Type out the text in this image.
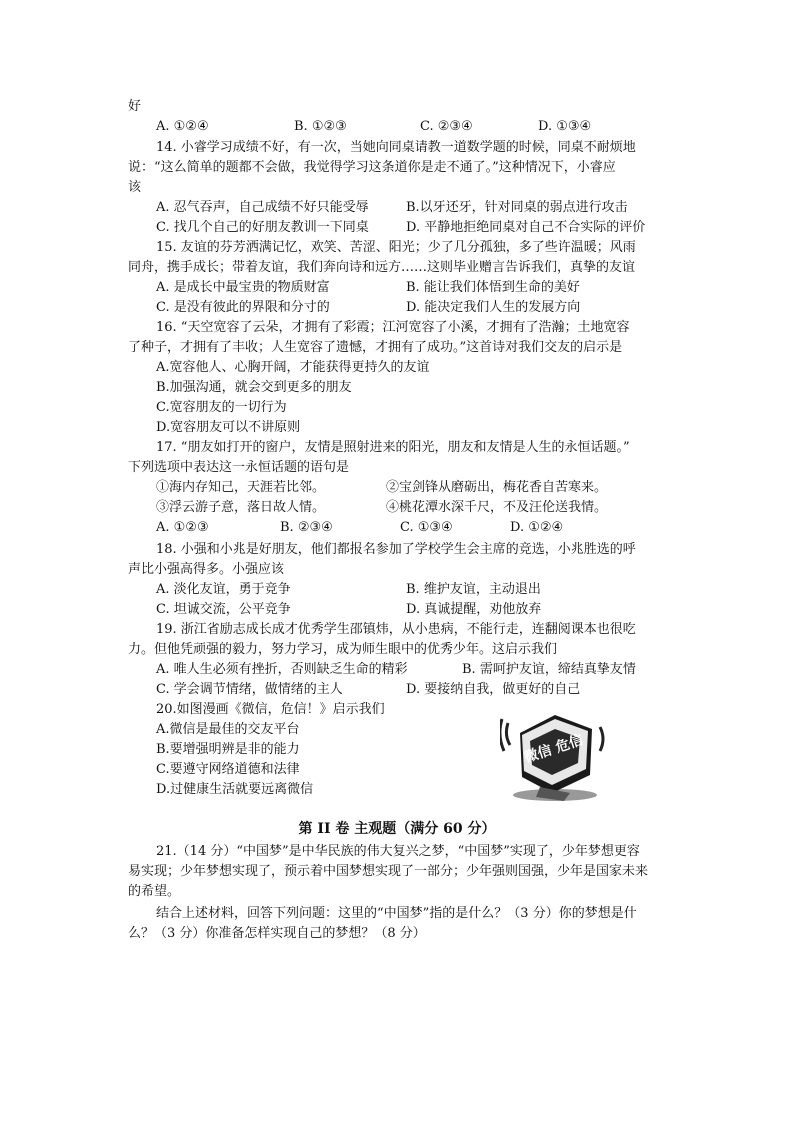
好
A. ①②④	B. ①②③	C. ②③④	D. ①③④
14. 小睿学习成绩不好，有一次，当她向同桌请教一道数学题的时候，同桌不耐烦地
说：“这么简单的题都不会做，我觉得学习这条道你是走不通了。”这种情况下，小睿应
该
A. 忍气吞声，自己成绩不好只能受辱	B.以牙还牙，针对同桌的弱点进行攻击
C. 找几个自己的好朋友教训一下同桌	D. 平静地拒绝同桌对自己不合实际的评价
15. 友谊的芬芳洒满记忆，欢笑、苦涩、阳光；少了几分孤独，多了些许温暖；风雨
同舟，携手成长；带着友谊，我们奔向诗和远方……这则毕业赠言告诉我们，真挚的友谊
A. 是成长中最宝贵的物质财富	B. 能让我们体悟到生命的美好
C. 是没有彼此的界限和分寸的	D. 能决定我们人生的发展方向
16. “天空宽容了云朵，才拥有了彩霞；江河宽容了小溪，才拥有了浩瀚；土地宽容
了种子，才拥有了丰收；人生宽容了遗憾，才拥有了成功。”这首诗对我们交友的启示是
A.宽容他人、心胸开阔，才能获得更持久的友谊
B.加强沟通，就会交到更多的朋友
C.宽容朋友的一切行为
D.宽容朋友可以不讲原则
17. “朋友如打开的窗户，友情是照射进来的阳光，朋友和友情是人生的永恒话题。”
下列选项中表达这一永恒话题的语句是
①海内存知己，天涯若比邻。	②宝剑锋从磨砺出，梅花香自苦寒来。
③浮云游子意，落日故人情。	④桃花潭水深千尺，不及汪伦送我情。
A. ①②③	B. ②③④	C. ①③④	D. ①②④
18. 小强和小兆是好朋友，他们都报名参加了学校学生会主席的竞选，小兆胜选的呼
声比小强高得多。小强应该
A. 淡化友谊，勇于竞争	B. 维护友谊，主动退出
C. 坦诚交流，公平竞争	D. 真诚提醒，劝他放弃
19. 浙江省励志成长成才优秀学生邵镇炜，从小患病，不能行走，连翻阅课本也很吃
力。但他凭顽强的毅力，努力学习，成为师生眼中的优秀少年。这启示我们
A. 唯人生必须有挫折，否则缺乏生命的精彩	B. 需呵护友谊，缔结真挚友情
C. 学会调节情绪，做情绪的主人	D. 要接纳自我，做更好的自己
20.如图漫画《微信，危信！》启示我们
A.微信是最佳的交友平台
B.要增强明辨是非的能力
C.要遵守网络道德和法律
D.过健康生活就要远离微信
微信 危信
第 II 卷 主观题（满分 60 分）
21.（14 分）“中国梦”是中华民族的伟大复兴之梦，“中国梦”实现了，少年梦想更容
易实现；少年梦想实现了，预示着中国梦想实现了一部分；少年强则国强，少年是国家未来
的希望。
结合上述材料，回答下列问题：这里的“中国梦”指的是什么？（3 分）你的梦想是什
么？（3 分）你准备怎样实现自己的梦想？（8 分）
